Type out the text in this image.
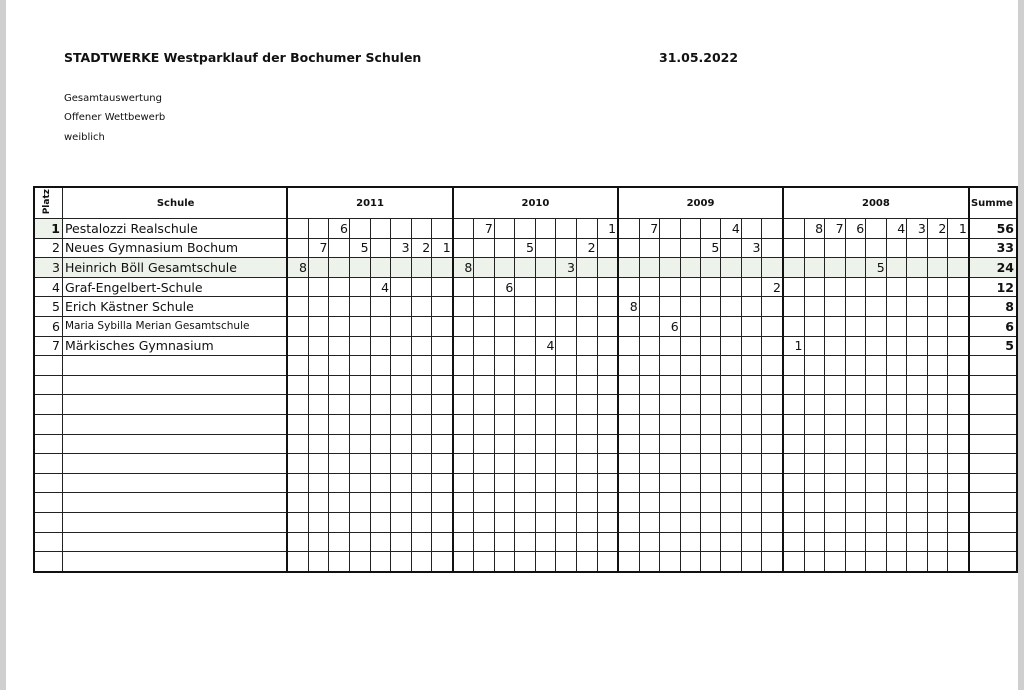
STADTWERKE Westparklauf der Bochumer Schulen	31.05.2022
Gesamtauswertung
Offener Wettbewerb
weiblich
Platz	Schule	2011								2010								2009								2008									Summe
1	Pestalozzi Realschule			6							7						1		7				4				8	7	6		4	3	2	1	56
2	Neues Gymnasium Bochum		7		5		3	2	1				5			2						5		3											33
3	Heinrich Böll Gesamtschule	8								8					3															5					24
4	Graf-Engelbert-Schule					4						6													2										12
5	Erich Kästner Schule																	8																	8
6	Maria Sybilla Merian Gesamtschule																			6															6
7	Märkisches Gymnasium													4												1									5
